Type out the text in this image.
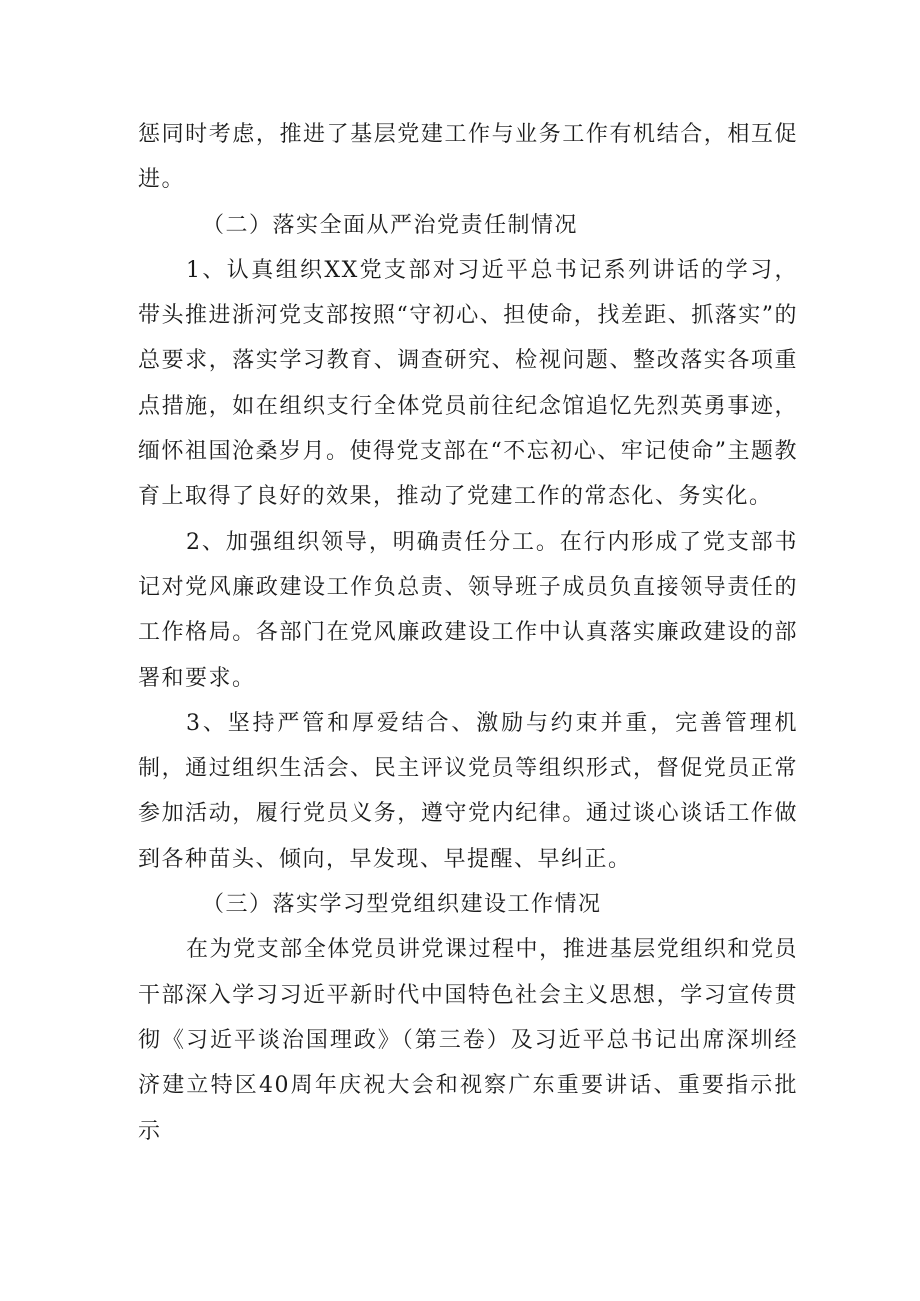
惩同时考虑，推进了基层党建工作与业务工作有机结合，相互促进。

（二）落实全面从严治党责任制情况

1、认真组织XX党支部对习近平总书记系列讲话的学习，带头推进浙河党支部按照“守初心、担使命，找差距、抓落实”的总要求，落实学习教育、调查研究、检视问题、整改落实各项重点措施，如在组织支行全体党员前往纪念馆追忆先烈英勇事迹，缅怀祖国沧桑岁月。使得党支部在“不忘初心、牢记使命”主题教育上取得了良好的效果，推动了党建工作的常态化、务实化。

2、加强组织领导，明确责任分工。在行内形成了党支部书记对党风廉政建设工作负总责、领导班子成员负直接领导责任的工作格局。各部门在党风廉政建设工作中认真落实廉政建设的部署和要求。

3、坚持严管和厚爱结合、激励与约束并重，完善管理机制，通过组织生活会、民主评议党员等组织形式，督促党员正常参加活动，履行党员义务，遵守党内纪律。通过谈心谈话工作做到各种苗头、倾向，早发现、早提醒、早纠正。

（三）落实学习型党组织建设工作情况

在为党支部全体党员讲党课过程中，推进基层党组织和党员干部深入学习习近平新时代中国特色社会主义思想，学习宣传贯彻《习近平谈治国理政》（第三卷）及习近平总书记出席深圳经济建立特区40周年庆祝大会和视察广东重要讲话、重要指示批示
